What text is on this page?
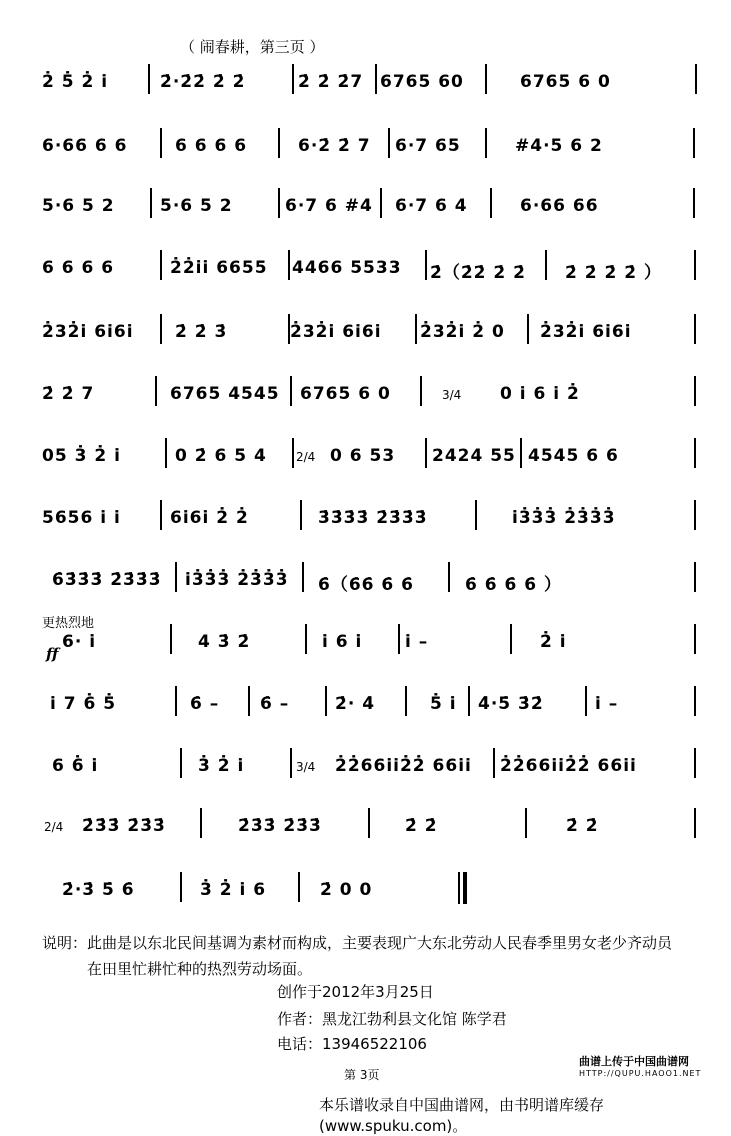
（ 闹春耕，第三页 ）
2̇ 5̇ 2̇ i̇	2̇·2̇2̇ 2̇ 2̇	2̇ 2̇ 2̇7 6765 60	6765 6 0
6·66 6 6	6 6 6 6	6·2̇ 2̇ 7 6·7 65	#4·5 6 2
5·6 5 2	5·6 5 2	6·7 6 #4 6·7 6 4	6·66 66
6 6 6 6	2̇2̇i̇i̇ 6655 4466 5533 2̇（2̇2̇ 2̇ 2̇ 2̇ 2̇ 2̇ 2̇ ）
2̇32̇i̇ 6i̇6i̇ 2̇ 2̇ 3̇	2̇32̇i̇ 6i̇6i̇ 2̇32̇i̇ 2̇ 0 2̇32̇i̇ 6i̇6i̇
2̇ 2̇ 7	6765 4545 6765 6 0	3/4 0 i̇ 6 i̇ 2̇
05 3̇ 2̇ i̇	0 2̇ 6 5 4 2/4 0 6 53 2424 55 4545 6 6
5656 i̇ i̇	6i̇6i̇ 2̇ 2̇	3̇3̇3̇3̇ 2̇3̇3̇3̇	i̇3̇3̇3̇ 2̇3̇3̇3̇
6̇3̇3̇3̇ 2̇3̇3̇3̇ i̇3̇3̇3̇ 2̇3̇3̇3̇ 6̇（6̇6̇ 6̇ 6̇	6̇ 6̇ 6̇ 6̇ ）
6· i̇	4 3̇ 2̇	i̇ 6 i̇	i̇ –	2̇ i̇
i̇ 7 6̇ 5̇	6̇ – 6̇ –	2̇· 4̇	5̇ i̇ 4̇·5̇ 3̇2̇	i̇ –
6 6̇ i̇	3̇ 2̇ i̇	3/4 2̇2̇66i̇i̇2̇2̇ 66i̇i̇ 2̇2̇66i̇i̇2̇2̇ 66i̇i̇
2/4 2̇3̇3̇ 2̇3̇3̇	2̇3̇3̇ 2̇3̇3̇	2̇ 2̇	2̇ 2̇
2̇·3̇ 5̇ 6̇	3̇ 2̇ i̇ 6	2̇ 0 0
更热烈地
ff

说明：此曲是以东北民间基调为素材而构成，主要表现广大东北劳动人民春季里男女老少齐动员

在田里忙耕忙种的热烈劳动场面。

创作于2012年3月25日
作者：黑龙江勃利县文化馆 陈学君
电话：13946522106
第 3页
曲谱上传于中国曲谱网
HTTP://QUPU.HAOO1.NET
本乐谱收录自中国曲谱网，由书明谱库缓存(www.spuku.com)。
